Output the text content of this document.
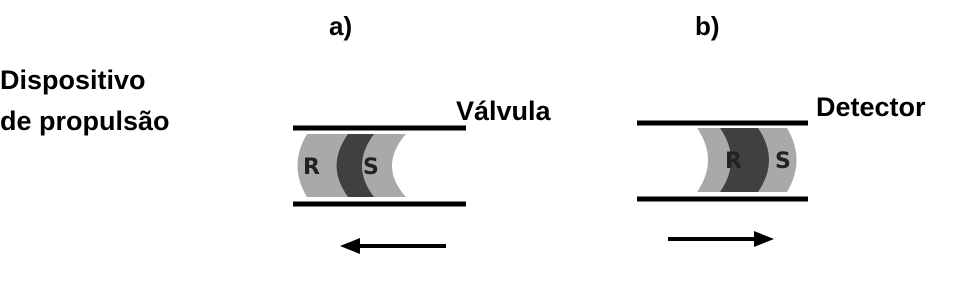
R S	R S
a)	b)
Dispositivo
de propulsão	Válvula	Detector
